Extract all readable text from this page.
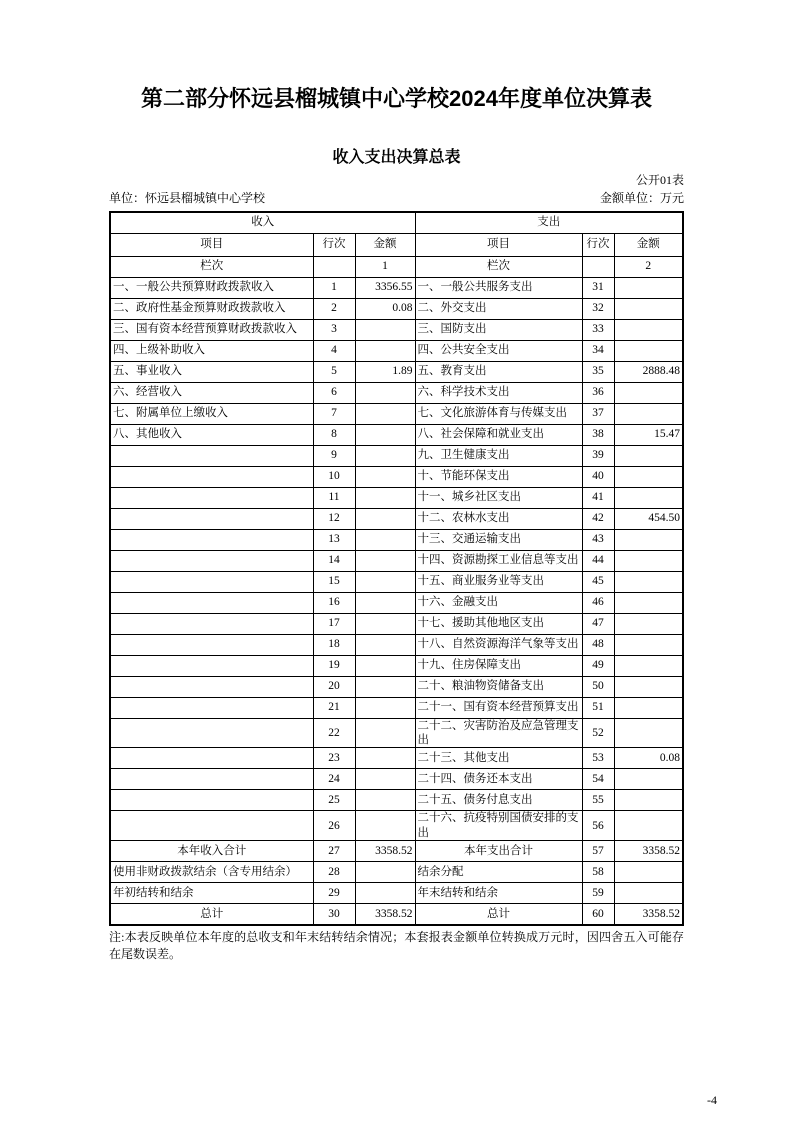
第二部分怀远县榴城镇中心学校2024年度单位决算表
收入支出决算总表
公开01表
单位：怀远县榴城镇中心学校	金额单位：万元
收入			支出		
项目	行次	金额	项目	行次	金额
栏次		1	栏次		2
一、一般公共预算财政拨款收入	1	3356.55	一、一般公共服务支出	31	
二、政府性基金预算财政拨款收入	2	0.08	二、外交支出	32	
三、国有资本经营预算财政拨款收入	3		三、国防支出	33	
四、上级补助收入	4		四、公共安全支出	34	
五、事业收入	5	1.89	五、教育支出	35	2888.48
六、经营收入	6		六、科学技术支出	36	
七、附属单位上缴收入	7		七、文化旅游体育与传媒支出	37	
八、其他收入	8		八、社会保障和就业支出	38	15.47
	9		九、卫生健康支出	39	
	10		十、节能环保支出	40	
	11		十一、城乡社区支出	41	
	12		十二、农林水支出	42	454.50
	13		十三、交通运输支出	43	
	14		十四、资源勘探工业信息等支出	44	
	15		十五、商业服务业等支出	45	
	16		十六、金融支出	46	
	17		十七、援助其他地区支出	47	
	18		十八、自然资源海洋气象等支出	48	
	19		十九、住房保障支出	49	
	20		二十、粮油物资储备支出	50	
	21		二十一、国有资本经营预算支出	51	
	22		二十二、灾害防治及应急管理支出	52	
	23		二十三、其他支出	53	0.08
	24		二十四、债务还本支出	54	
	25		二十五、债务付息支出	55	
	26		二十六、抗疫特别国债安排的支出	56	
本年收入合计	27	3358.52	本年支出合计	57	3358.52
使用非财政拨款结余（含专用结余）	28		结余分配	58	
年初结转和结余	29		年末结转和结余	59	
总计	30	3358.52	总计	60	3358.52

注:本表反映单位本年度的总收支和年末结转结余情况；本套报表金额单位转换成万元时，因四舍五入可能存在尾数误差。

-4
